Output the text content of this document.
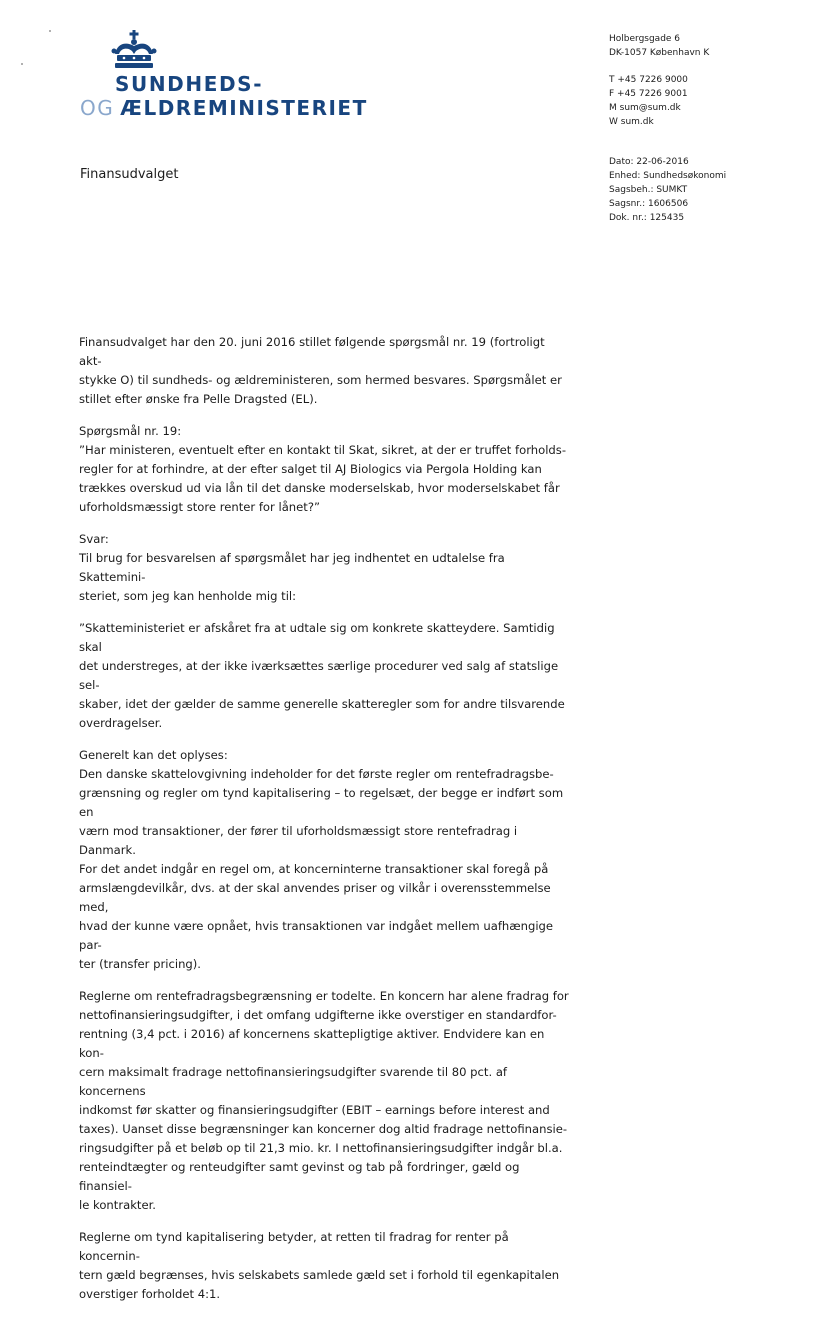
SUNDHEDS-
OG ÆLDREMINISTERIET
Holbergsgade 6
DK-1057 København K
T +45 7226 9000
F +45 7226 9001
M sum@sum.dk
W sum.dk
Dato: 22-06-2016
Enhed: Sundhedsøkonomi
Sagsbeh.: SUMKT
Sagsnr.: 1606506
Dok. nr.: 125435
Finansudvalget

Finansudvalget har den 20. juni 2016 stillet følgende spørgsmål nr. 19 (fortroligt akt-
stykke O) til sundheds- og ældreministeren, som hermed besvares. Spørgsmålet er
stillet efter ønske fra Pelle Dragsted (EL).

Spørgsmål nr. 19:
”Har ministeren, eventuelt efter en kontakt til Skat, sikret, at der er truffet forholds-
regler for at forhindre, at der efter salget til AJ Biologics via Pergola Holding kan
trækkes overskud ud via lån til det danske moderselskab, hvor moderselskabet får
uforholdsmæssigt store renter for lånet?”

Svar:
Til brug for besvarelsen af spørgsmålet har jeg indhentet en udtalelse fra Skattemini-
steriet, som jeg kan henholde mig til:

”Skatteministeriet er afskåret fra at udtale sig om konkrete skatteydere. Samtidig skal
det understreges, at der ikke iværksættes særlige procedurer ved salg af statslige sel-
skaber, idet der gælder de samme generelle skatteregler som for andre tilsvarende
overdragelser.

Generelt kan det oplyses:
Den danske skattelovgivning indeholder for det første regler om rentefradragsbe-
grænsning og regler om tynd kapitalisering – to regelsæt, der begge er indført som en
værn mod transaktioner, der fører til uforholdsmæssigt store rentefradrag i Danmark.
For det andet indgår en regel om, at koncerninterne transaktioner skal foregå på
armslængdevilkår, dvs. at der skal anvendes priser og vilkår i overensstemmelse med,
hvad der kunne være opnået, hvis transaktionen var indgået mellem uafhængige par-
ter (transfer pricing).

Reglerne om rentefradragsbegrænsning er todelte. En koncern har alene fradrag for
nettofinansieringsudgifter, i det omfang udgifterne ikke overstiger en standardfor-
rentning (3,4 pct. i 2016) af koncernens skattepligtige aktiver. Endvidere kan en kon-
cern maksimalt fradrage nettofinansieringsudgifter svarende til 80 pct. af koncernens
indkomst før skatter og finansieringsudgifter (EBIT – earnings before interest and
taxes). Uanset disse begrænsninger kan koncerner dog altid fradrage nettofinansie-
ringsudgifter på et beløb op til 21,3 mio. kr. I nettofinansieringsudgifter indgår bl.a.
renteindtægter og renteudgifter samt gevinst og tab på fordringer, gæld og finansiel-
le kontrakter.

Reglerne om tynd kapitalisering betyder, at retten til fradrag for renter på koncernin-
tern gæld begrænses, hvis selskabets samlede gæld set i forhold til egenkapitalen
overstiger forholdet 4:1.
